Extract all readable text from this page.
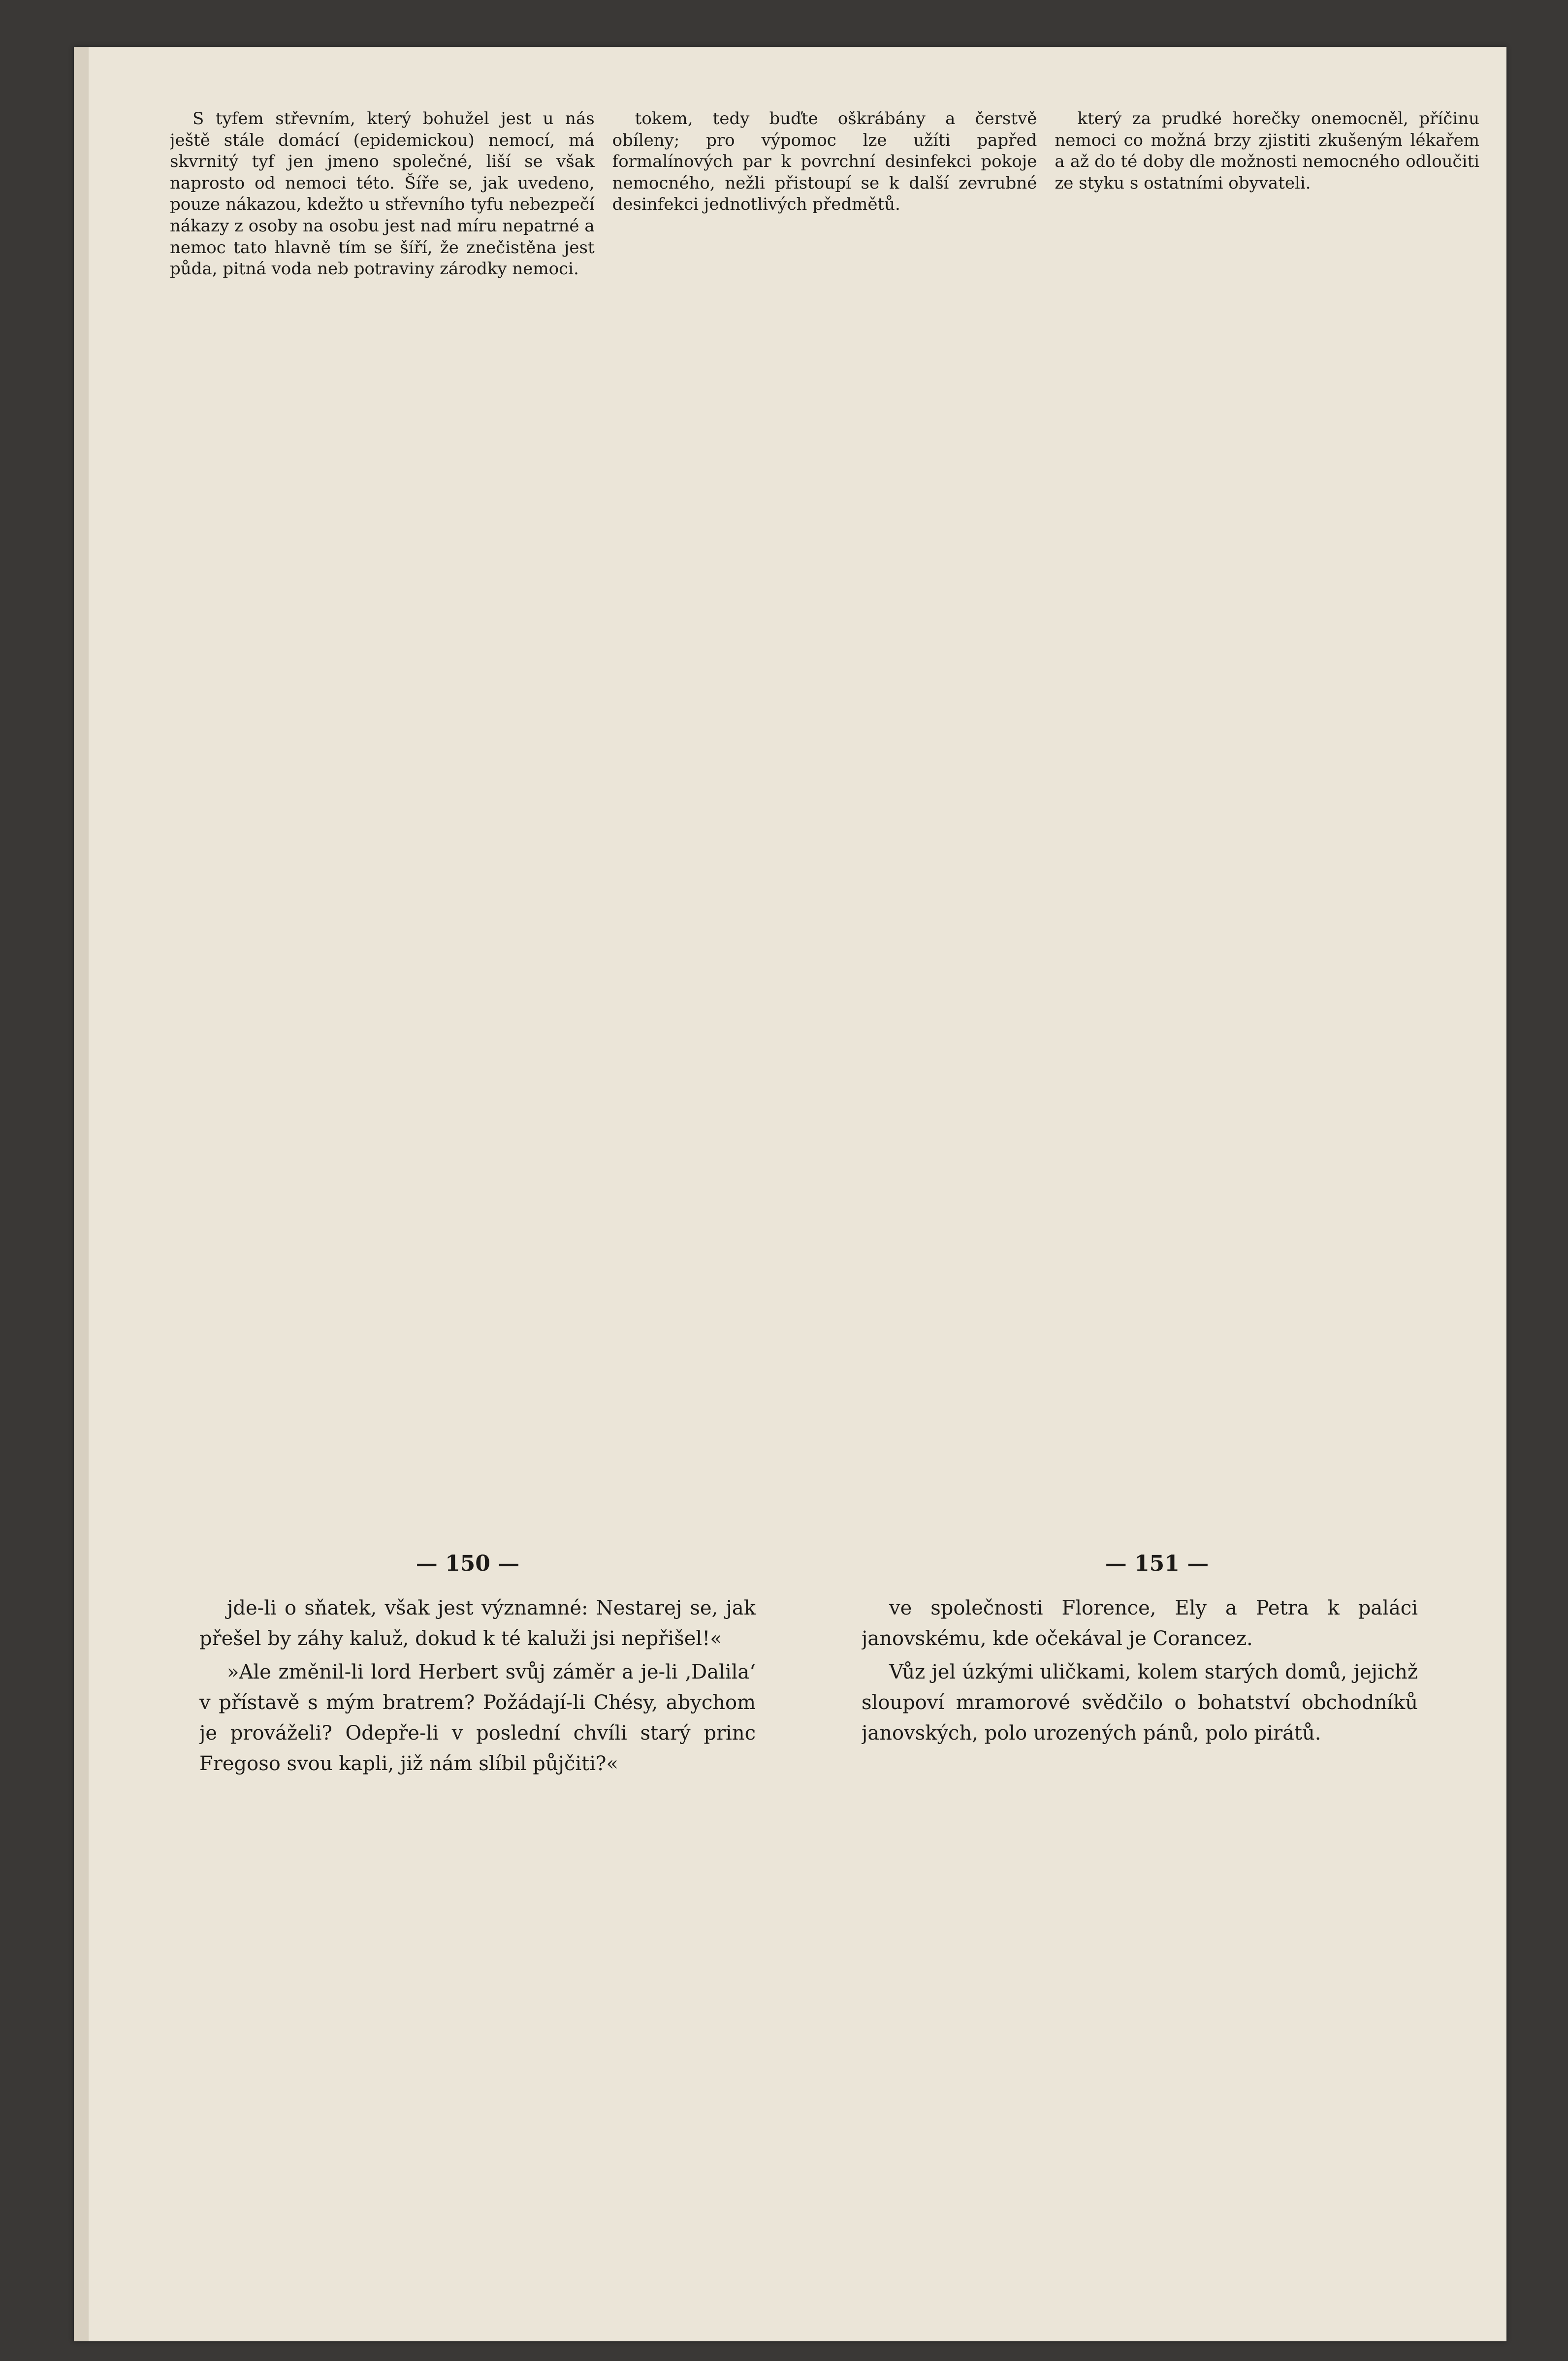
S tyfem střevním, který bohužel jest u nás ještě stále domácí (epidemickou) nemocí, má skvrnitý tyf jen jmeno společné, liší se však naprosto od nemoci této. Šíře se, jak uvedeno, pouze nákazou, kdežto u střevního tyfu nebezpečí nákazy z osoby na osobu jest nad míru nepatrné a nemoc tato hlavně tím se šíří, že znečistěna jest půda, pitná voda neb potraviny zárodky nemoci.

tokem, tedy buďte oškrábány a čerstvě obíleny; pro výpomoc lze užíti papřed formalínových par k povrchní desinfekci pokoje nemocného, nežli přistoupí se k další zevrubné desinfekci jednotlivých předmětů.

který za prudké horečky onemocněl, příčinu nemoci co možná brzy zjistiti zkušeným lékařem a až do té doby dle možnosti nemocného odloučiti ze styku s ostatními obyvateli.

— 150 —	— 151 —

jde-li o sňatek, však jest významné: Nestarej se, jak přešel by záhy kaluž, dokud k té kaluži jsi nepřišel!«

»Ale změnil-li lord Herbert svůj záměr a je-li ‚Dalila‘ v přístavě s mým bratrem? Požádají-li Chésy, abychom je prováželi? Odepře-li v poslední chvíli starý princ Fregoso svou kapli, již nám slíbil půjčiti?«

ve společnosti Florence, Ely a Petra k paláci janovskému, kde očekával je Corancez.

Vůz jel úzkými uličkami, kolem starých domů, jejichž sloupoví mramorové svědčilo o bohatství obchodníků janovských, polo urozených pánů, polo pirátů.
